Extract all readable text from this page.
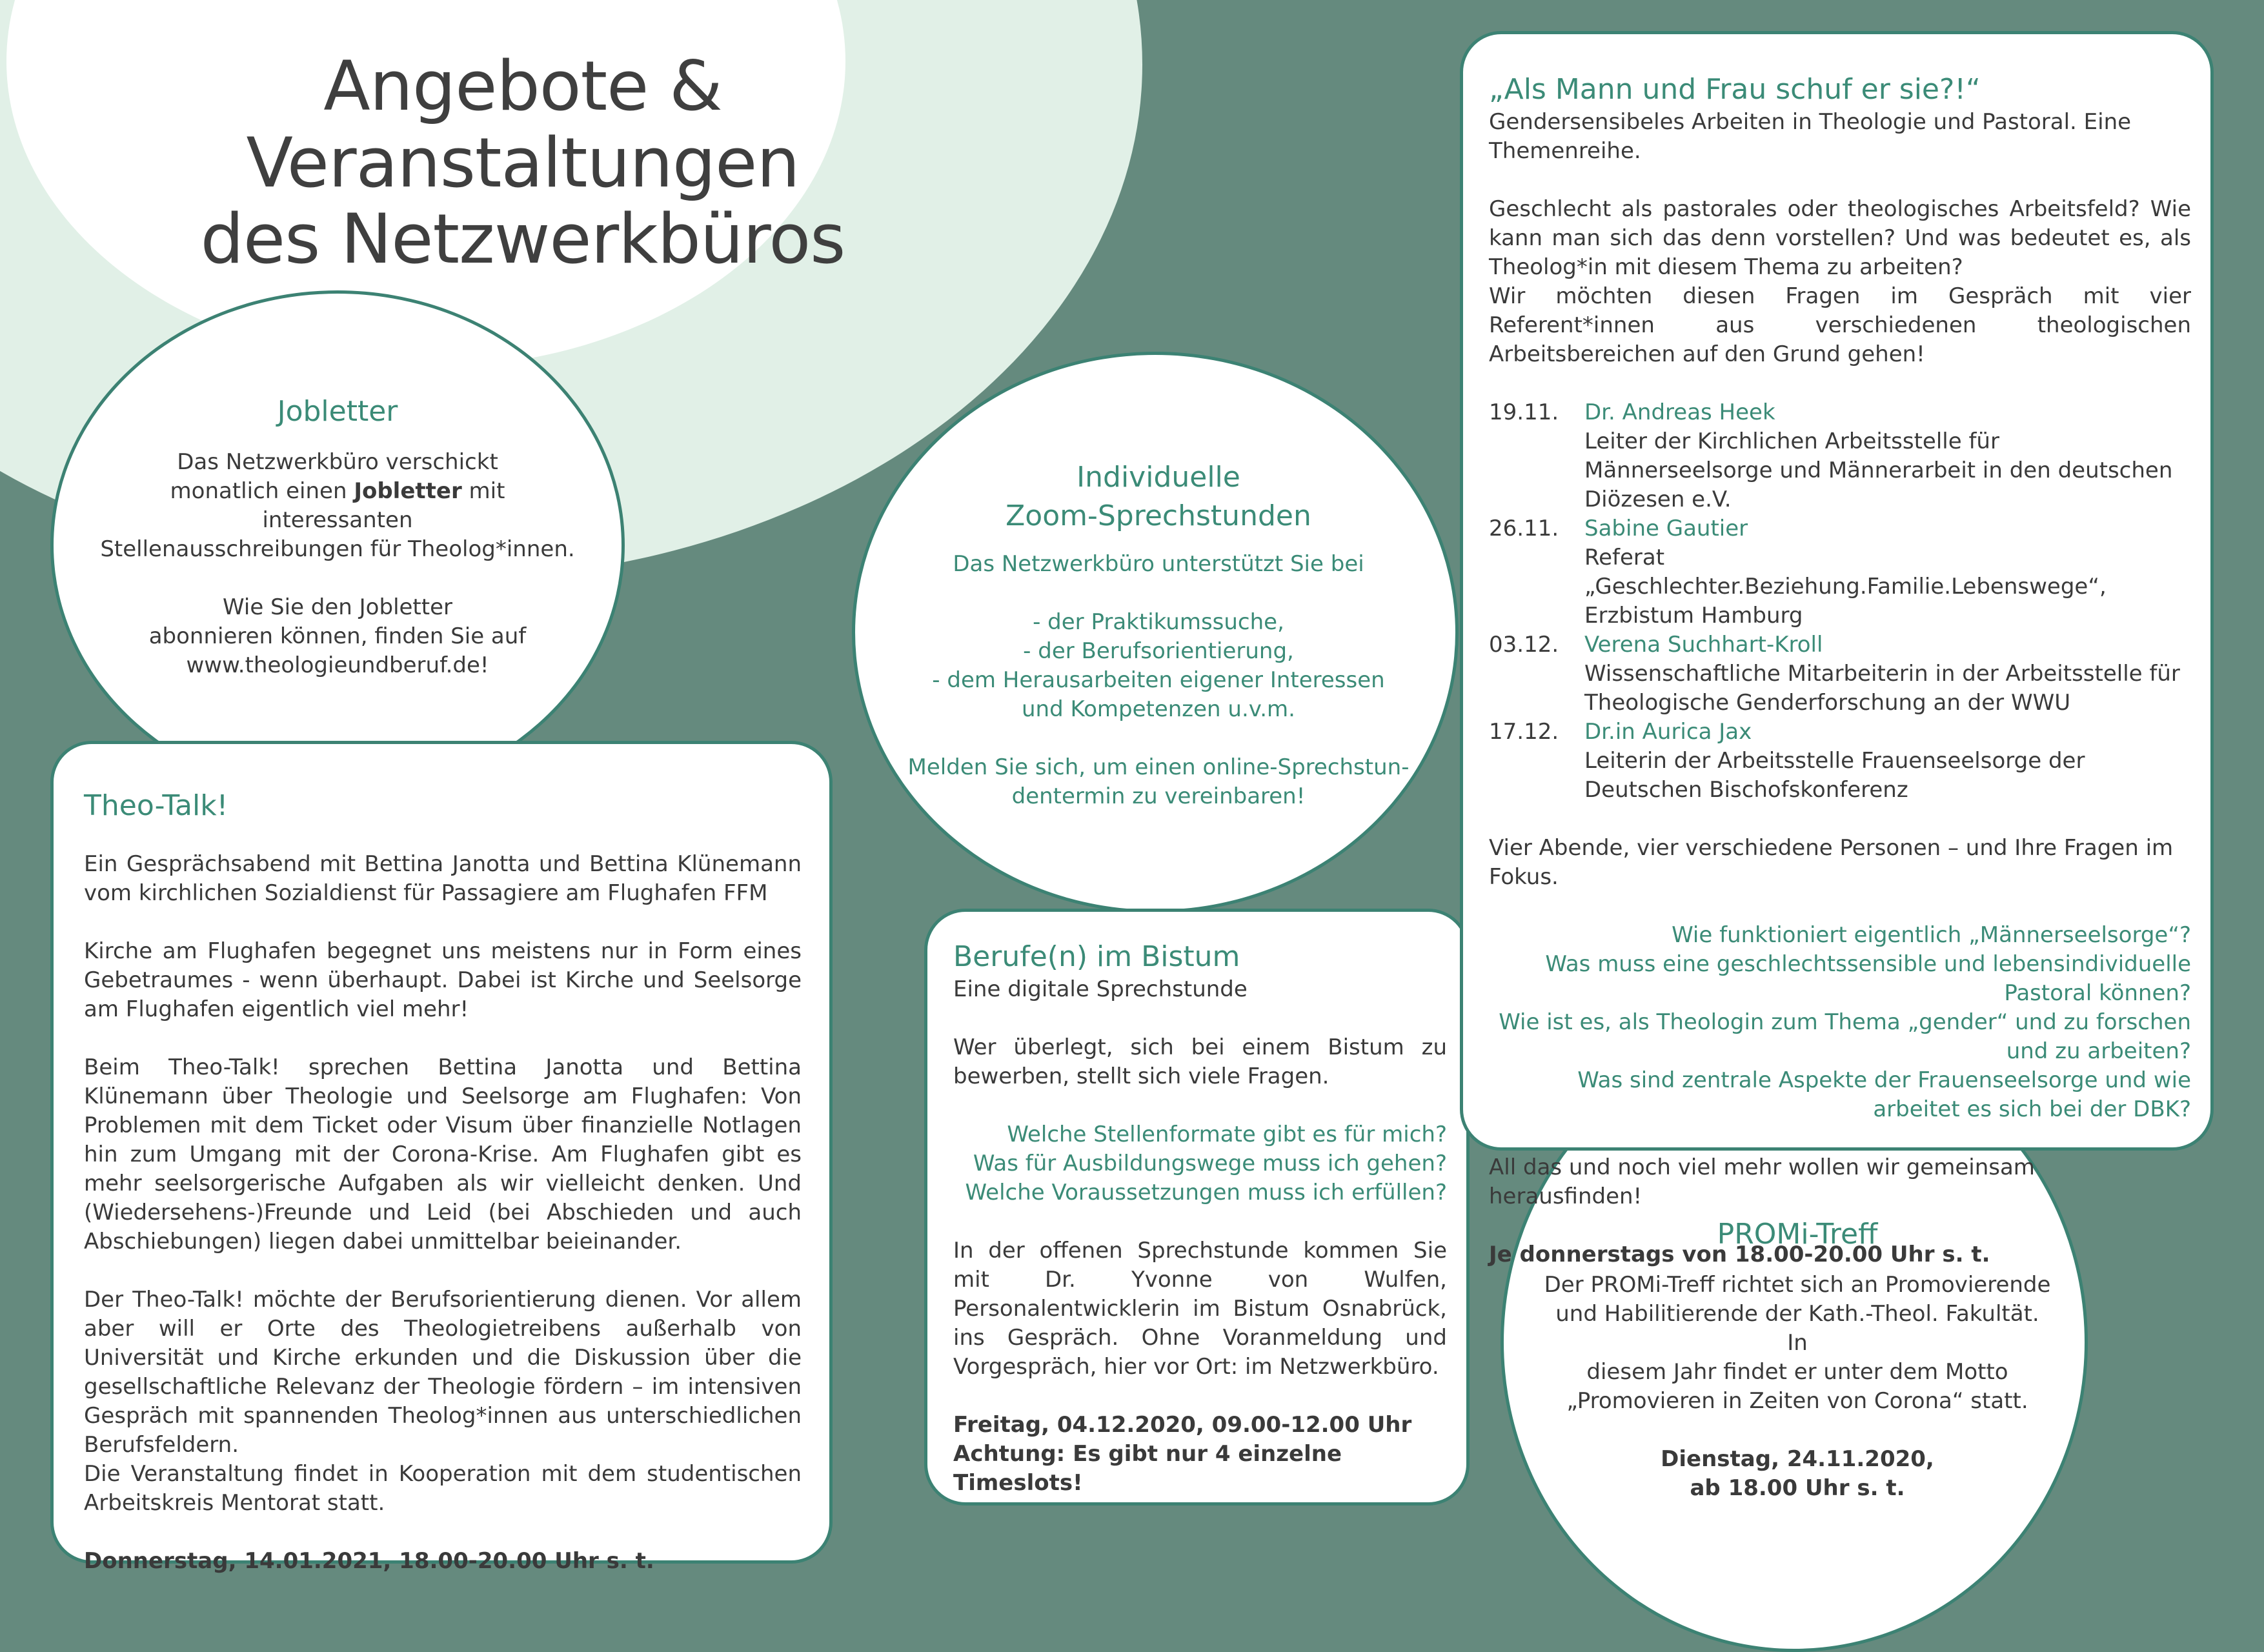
Angebote & Veranstaltungen
des Netzwerkbüros
Jobletter
Das Netzwerkbüro verschickt
monatlich einen Jobletter mit interessanten
Stellenausschreibungen für Theolog*innen.
Wie Sie den Jobletter
abonnieren können, finden Sie auf
www.theologieundberuf.de!
Individuelle
Zoom-Sprechstunden
Das Netzwerkbüro unterstützt Sie bei
- der Praktikumssuche,
- der Berufsorientierung,
- dem Herausarbeiten eigener Interessen
und Kompetenzen u.v.m.
Melden Sie sich, um einen online-Sprechstun-
dentermin zu vereinbaren!
Theo-Talk!

Ein Gesprächsabend mit Bettina Janotta und Bettina Klünemann vom kirchlichen Sozialdienst für Passagiere am Flughafen FFM

Kirche am Flughafen begegnet uns meistens nur in Form eines Gebetraumes - wenn überhaupt. Dabei ist Kirche und Seelsorge am Flughafen eigentlich viel mehr!

Beim Theo-Talk! sprechen Bettina Janotta und Bettina Klünemann über Theologie und Seelsorge am Flughafen: Von Problemen mit dem Ticket oder Visum über finanzielle Notlagen hin zum Umgang mit der Corona-Krise. Am Flughafen gibt es mehr seelsorgerische Aufgaben als wir vielleicht denken. Und (Wiedersehens-)Freunde und Leid (bei Abschieden und auch Abschiebungen) liegen dabei unmittelbar beieinander.

Der Theo-Talk! möchte der Berufsorientierung dienen. Vor allem aber will er Orte des Theologietreibens außerhalb von Universität und Kirche erkunden und die Diskussion über die gesellschaftliche Relevanz der Theologie fördern – im intensiven Gespräch mit spannenden Theolog*innen aus unterschiedlichen Berufsfeldern.

Die Veranstaltung findet in Kooperation mit dem studentischen Arbeitskreis Mentorat statt.

Donnerstag, 14.01.2021, 18.00-20.00 Uhr s. t.

Berufe(n) im Bistum
Eine digitale Sprechstunde

Wer überlegt, sich bei einem Bistum zu bewerben, stellt sich viele Fragen.

Welche Stellenformate gibt es für mich?
Was für Ausbildungswege muss ich gehen?
Welche Voraussetzungen muss ich erfüllen?

In der offenen Sprechstunde kommen Sie mit Dr. Yvonne von Wulfen, Personalentwicklerin im Bistum Osnabrück, ins Gespräch. Ohne Voranmeldung und Vorgespräch, hier vor Ort: im Netzwerkbüro.

Freitag, 04.12.2020, 09.00-12.00 Uhr
Achtung: Es gibt nur 4 einzelne Timeslots!
PROMi-Treff
Der PROMi-Treff richtet sich an Promovierende
und Habilitierende der Kath.-Theol. Fakultät. In
diesem Jahr findet er unter dem Motto
„Promovieren in Zeiten von Corona“ statt.
Dienstag, 24.11.2020,
ab 18.00 Uhr s. t.
„Als Mann und Frau schuf er sie?!“
Gendersensibeles Arbeiten in Theologie und Pastoral. Eine Themenreihe.

Geschlecht als pastorales oder theologisches Arbeitsfeld? Wie kann man sich das denn vorstellen? Und was bedeutet es, als Theolog*in mit diesem Thema zu arbeiten?

Wir möchten diesen Fragen im Gespräch mit vier Referent*innen aus verschiedenen theologischen Arbeitsbereichen auf den Grund gehen!

19.11.	Dr. Andreas Heek
Leiter der Kirchlichen Arbeitsstelle für Männerseelsorge und Männerarbeit in den deutschen Diözesen e.V.
26.11.	Sabine Gautier
Referat „Geschlechter.Beziehung.Familie.Lebenswege“, Erzbistum Hamburg
03.12.	Verena Suchhart-Kroll
Wissenschaftliche Mitarbeiterin in der Arbeitsstelle für Theologische Genderforschung an der WWU
17.12.	Dr.in Aurica Jax
Leiterin der Arbeitsstelle Frauenseelsorge der Deutschen Bischofskonferenz

Vier Abende, vier verschiedene Personen – und Ihre Fragen im Fokus.

Wie funktioniert eigentlich „Männerseelsorge“?
Was muss eine geschlechtssensible und lebensindividuelle Pastoral können?
Wie ist es, als Theologin zum Thema „gender“ und zu forschen und zu arbeiten?
Was sind zentrale Aspekte der Frauenseelsorge und wie arbeitet es sich bei der DBK?

All das und noch viel mehr wollen wir gemeinsam herausfinden!

Je donnerstags von 18.00-20.00 Uhr s. t.
